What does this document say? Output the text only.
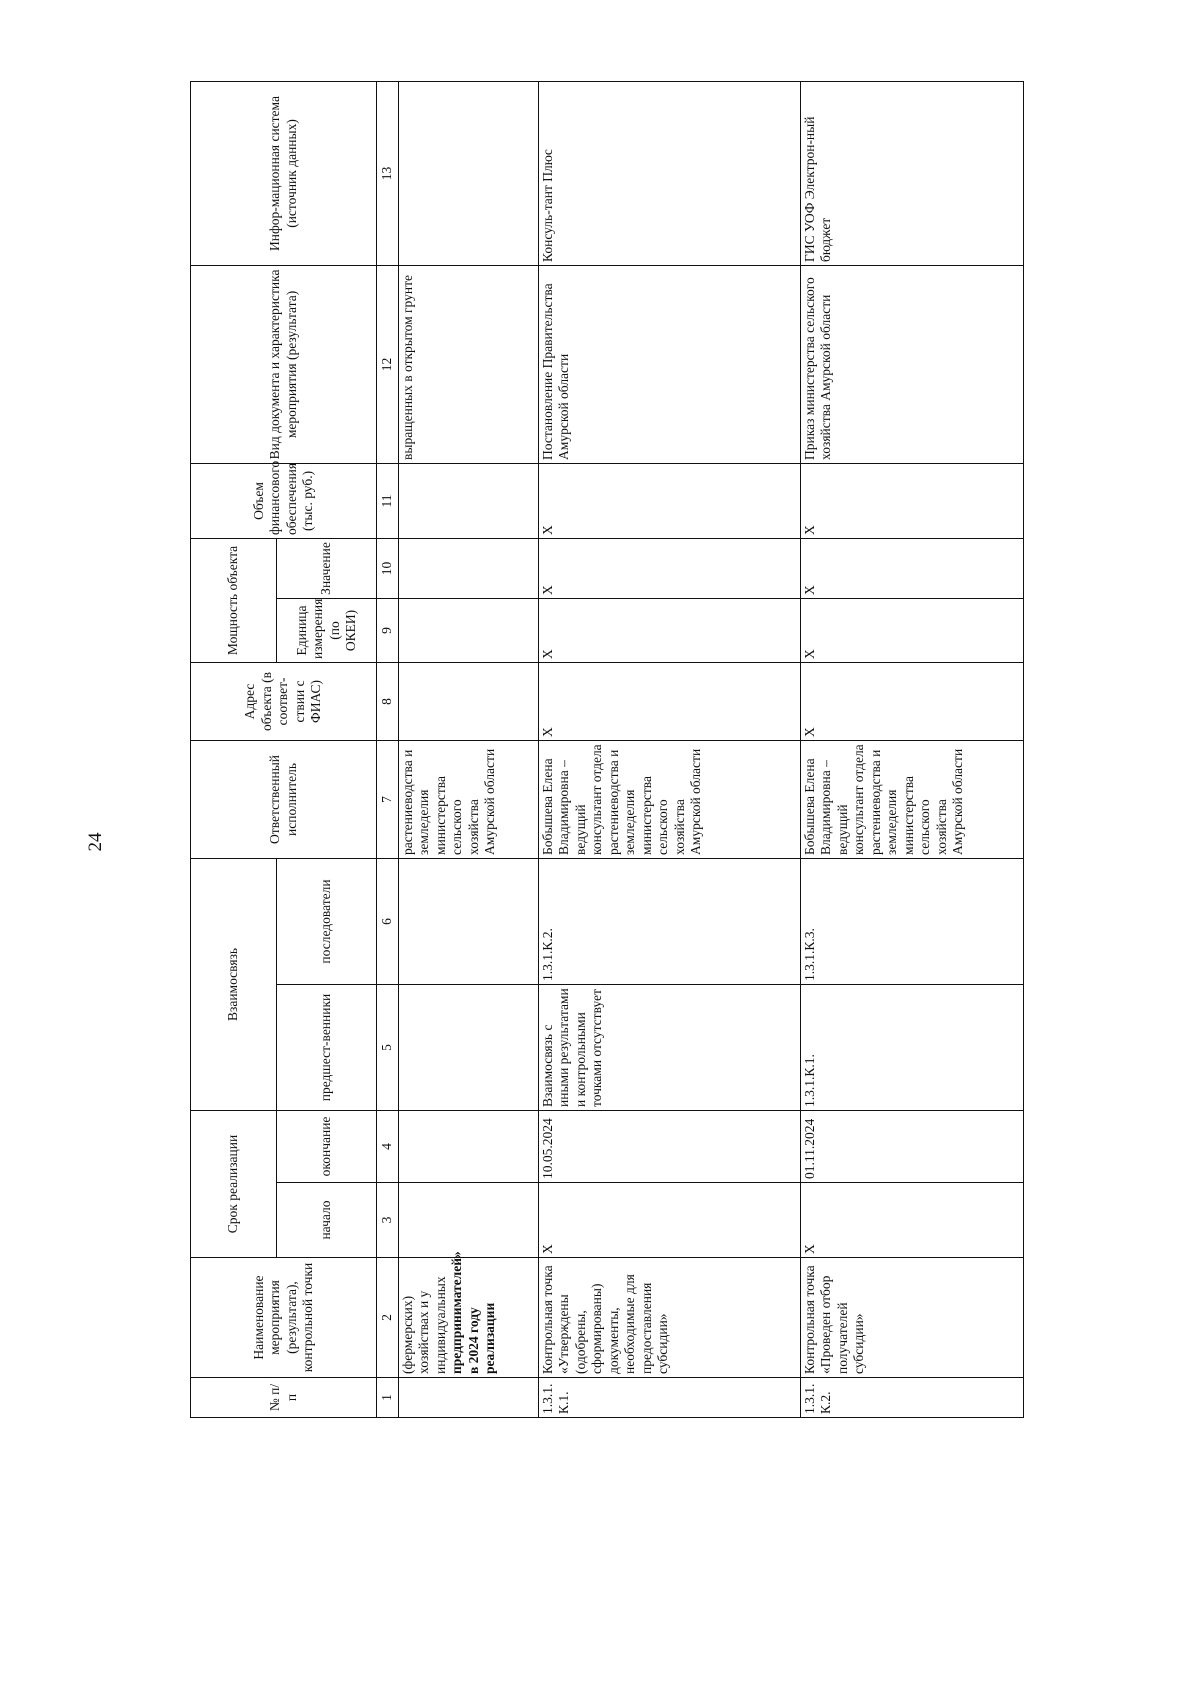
24
№ п/п	Наименование мероприятия (результата), контрольной точки	Срок реализации		Взаимосвязь		Ответственный исполнитель	Адрес объекта (в соответ-ствии с ФИАС)	Мощность объекта		Объем финансового обеспечения (тыс. руб.)	Вид документа и характеристика мероприятия (результата)	Инфор-мационная система (источник данных)
		начало	окончание	предшест-венники	последователи			Единица измерения (по ОКЕИ)	Значение			
1	2	3	4	5	6	7	8	9	10	11	12	13
	(фермерских) хозяйствах и у индивидуальных предпринимателей» в 2024 году реализации					растениеводства и земледелия министерства сельского хозяйства Амурской области					выращенных в открытом грунте	
1.3.1.К.1.	Контрольная точка «Утверждены (одобрены, сформированы) документы, необходимые для предоставления субсидии»	X	10.05.2024	Взаимосвязь с иными результатами и контрольными точками отсутствует	1.3.1.К.2.	Бобышева Елена Владимировна – ведущий консультант отдела растениеводства и земледелия министерства сельского хозяйства Амурской области	X	X	X	X	Постановление Правительства Амурской области	Консуль-тант Плюс
1.3.1.К.2.	Контрольная точка «Проведен отбор получателей субсидии»	X	01.11.2024	1.3.1.К.1.	1.3.1.К.3.	Бобышева Елена Владимировна – ведущий консультант отдела растениеводства и земледелия министерства сельского хозяйства Амурской области	X	X	X	X	Приказ министерства сельского хозяйства Амурской области	ГИС УОФ Электрон-ный бюджет
